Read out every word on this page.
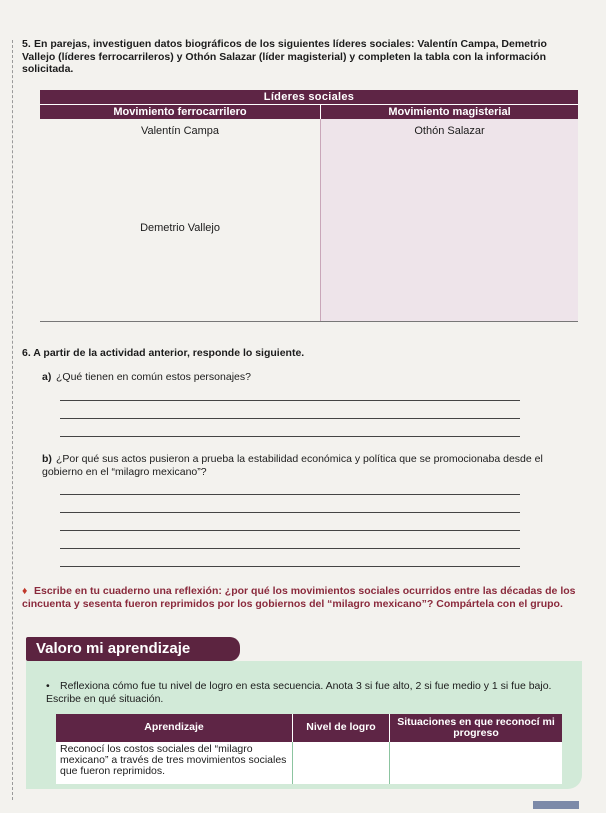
5. En parejas, investiguen datos biográficos de los siguientes líderes sociales: Valentín Campa, Demetrio Vallejo (líderes ferrocarrileros) y Othón Salazar (líder magisterial) y completen la tabla con la información solicitada.
Líderes sociales	
Movimiento ferrocarrilero	Movimiento magisterial
Valentín Campa	Othón Salazar
Demetrio Vallejo	
6. A partir de la actividad anterior, responde lo siguiente.
a) ¿Qué tienen en común estos personajes?
b) ¿Por qué sus actos pusieron a prueba la estabilidad económica y política que se promocionaba desde el gobierno en el “milagro mexicano”?
♦ Escribe en tu cuaderno una reflexión: ¿por qué los movimientos sociales ocurridos entre las décadas de los cincuenta y sesenta fueron reprimidos por los gobiernos del “milagro mexicano”? Compártela con el grupo.
Valoro mi aprendizaje
• Reflexiona cómo fue tu nivel de logro en esta secuencia. Anota 3 si fue alto, 2 si fue medio y 1 si fue bajo. Escribe en qué situación.
Aprendizaje	Nivel de logro	Situaciones en que reconocí mi progreso
Reconocí los costos sociales del “milagro mexicano” a través de tres movimientos sociales que fueron reprimidos.		
